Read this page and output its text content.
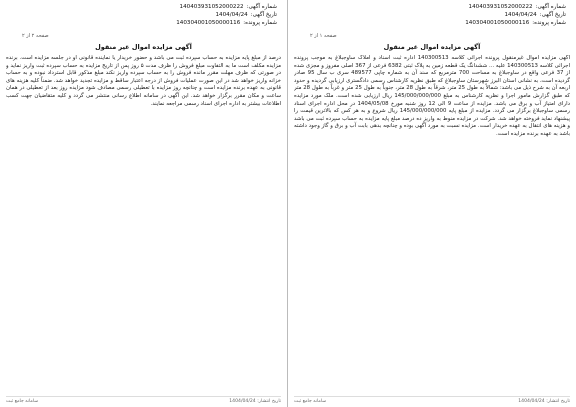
شماره آگهی:
140403931052000222
تاریخ آگهی:
1404/04/24
شماره پرونده:
140304001050000116
صفحه ۲ از ۲
آگهی مزایده اموال غیر منقول
درصد از مبلغ پایه مزایده به حساب سپرده ثبت می باشد و حضور خریدار یا نماینده قانونی او در جلسه مزایده است. برنده مزایده مکلف است ما به التفاوت مبلغ فروش را ظرف مدت ۵ روز پس از تاریخ مزایده به حساب سپرده ثبت واریز نماید و در صورتی که ظرف مهلت مقرر مانده فروش را به حساب سپرده واریز نکند مبلغ مذکور قابل استرداد نبوده و به حساب خزانه واریز خواهد شد در این صورت عملیات فروش از درجه اعتبار ساقط و مزایده تجدید خواهد شد. ضمناً کلیه هزینه های قانونی به عهده برنده مزایده است و چنانچه روز مزایده با تعطیلی رسمی مصادف شود مزایده روز بعد از تعطیلی در همان ساعت و مکان مقرر برگزار خواهد شد. این آگهی در سامانه اطلاع رسانی منتشر می گردد و کلیه متقاضیان جهت کسب اطلاعات بیشتر به اداره اجرای اسناد رسمی مراجعه نمایند.
تاریخ انتشار: 1404/04/24
سامانه جامع ثبت
شماره آگهی:
140403931052000222
تاریخ آگهی:
1404/04/24
شماره پرونده:
140304001050000116
صفحه ۱ از ۲
آگهی مزایده اموال غیر منقول
آگهی مزایده اموال غیرمنقول پرونده اجرائی کلاسه 140300513 اداره ثبت اسناد و املاک ساوجبلاغ به موجب پرونده اجرائی کلاسه 140300513 علیه ... ششدانگ یک قطعه زمین به پلاک ثبتی 6382 فرعی از 367 اصلی مفروز و مجزی شده از 37 فرعی واقع در ساوجبلاغ به مساحت 700 مترمربع که سند آن به شماره چاپی 489577 سری ب سال 95 صادر گردیده است، به نشانی استان البرز شهرستان ساوجبلاغ که طبق نظریه کارشناس رسمی دادگستری ارزیابی گردیده و حدود اربعه آن به شرح ذیل می باشد: شمالاً به طول 25 متر، شرقاً به طول 28 متر، جنوباً به طول 25 متر و غرباً به طول 28 متر که طبق گزارش مامور اجرا و نظریه کارشناس به مبلغ 145/000/000/000 ریال ارزیابی شده است. ملک مورد مزایده دارای امتیاز آب و برق می باشد. مزایده از ساعت 9 الی 12 روز شنبه مورخ 1404/05/08 در محل اداره اجرای اسناد رسمی ساوجبلاغ برگزار می گردد. مزایده از مبلغ پایه 145/000/000/000 ریال شروع و به هر کس که بالاترین قیمت را پیشنهاد نماید فروخته خواهد شد. شرکت در مزایده منوط به واریز ده درصد مبلغ پایه مزایده به حساب سپرده ثبت می باشد و هزینه های انتقال به عهده خریدار است. مزایده نسبت به مورد آگهی بوده و چنانچه بدهی بابت آب و برق و گاز وجود داشته باشد به عهده برنده مزایده است.
تاریخ انتشار: 1404/04/24
سامانه جامع ثبت
